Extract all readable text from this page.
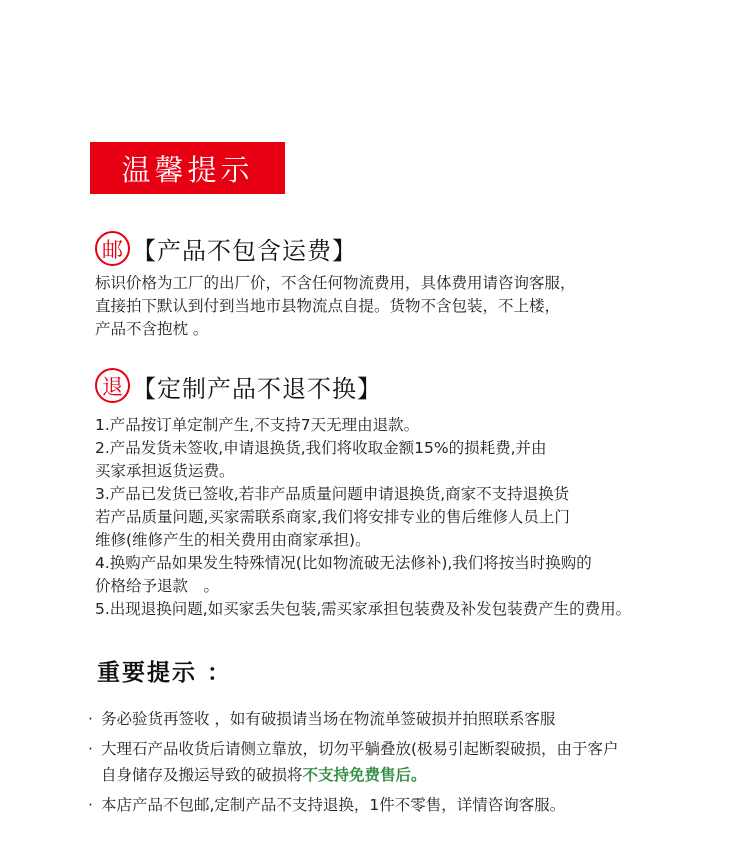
温馨提示
邮 【产品不包含运费】
标识价格为工厂的出厂价，不含任何物流费用，具体费用请咨询客服，
直接拍下默认到付到当地市县物流点自提。货物不含包装，不上楼，
产品不含抱枕 。
退 【定制产品不退不换】
1.产品按订单定制产生,不支持7天无理由退款。
2.产品发货未签收,申请退换货,我们将收取金额15%的损耗费,并由
买家承担返货运费。
3.产品已发货已签收,若非产品质量问题申请退换货,商家不支持退换货
若产品质量问题,买家需联系商家,我们将安排专业的售后维修人员上门
维修(维修产生的相关费用由商家承担)。
4.换购产品如果发生特殊情况(比如物流破无法修补),我们将按当时换购的
价格给予退款　。
5.出现退换问题,如买家丢失包装,需买家承担包装费及补发包装费产生的费用。
重要提示 ：
· 务必验货再签收 ，如有破损请当场在物流单签破损并拍照联系客服
· 大理石产品收货后请侧立靠放，切勿平躺叠放(极易引起断裂破损，由于客户
自身储存及搬运导致的破损将不支持免费售后。
· 本店产品不包邮,定制产品不支持退换，1件不零售，详情咨询客服。
